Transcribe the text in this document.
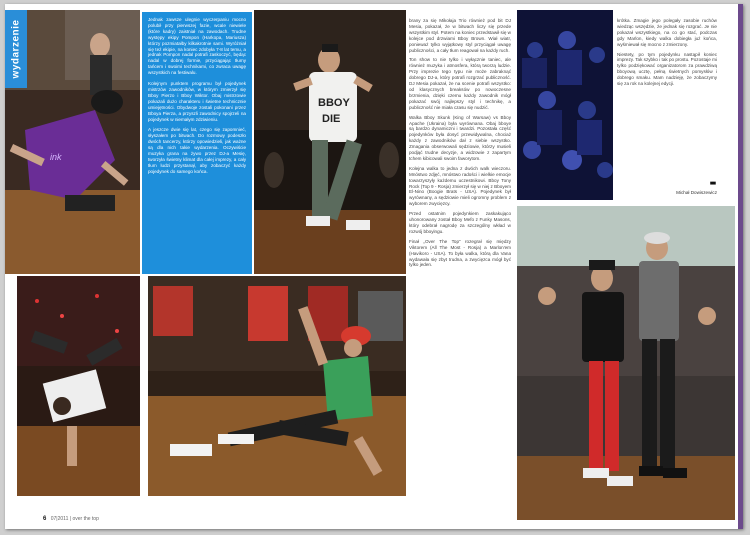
ink
wydarzenie

Jednak zawsze ulegnie wyczerpaniu mocno polubił przy pierwszej fazie, wcale niewiele (które kadry) zaistniał na zawodach. Trudne występy ekipy Pompon (Harkopa, Mariusza) którzy pozmiatałby kilkakrotnie sami. Wyróżniał się też ekipie, na koniec zdobyła 7-8 lat temu, a jednak Pompon nadal potrafi zaskoczyć, będąc nadal w dobrej formie, przyciągając tłumy tańcem i swoimi technikami, co zwraca uwagę wszystkich na festiwalu.

Kolejnym punktem programu był pojedynek mistrzów zawodników, w którym zmierzył się Bboy Pierzo i Bboy Wiktor. Obaj mistrzowie pokazali dużo charakteru i świetne technicznie umiejętności. Obydwoje zostali pokonani przez Bboya Pierza, a przyszli zawodnicy spojrzeli na pojedynek w niemałym zdziwieniu.

A jeszcze dwie się lat, czego się zapomnieć, słyszałem po bitwach. Do rozmowy podeszło dwóch tancerzy, którzy opowiedzieli, jak ważne są dla nich takie wydarzenia. Oczywiście muzyka grana na żywo przez DJ-a Mesię, tworzyła świetny klimat dla całej imprezy, a cały tłum ludzi przystanął, aby zobaczyć każdy pojedynek do samego końca.

BBOY
DIE

brany za się Mikołaja Trio również pod bit DJ Mesia, pokazał, że w bitwach liczy się przede wszystkim styl. Potem na koniec przedstawił się w kolejce pod drzwiami Bboy Brown. Wiał wiatr, ponieważ tylko wyjątkowy styl przyciągał uwagę publiczności, a cały tłum reagował na każdy ruch.

Ton show to nie tylko i wyłącznie taniec, ale również muzyka i atmosfera, którą tworzą ludzie. Przy imprezie tego typu nie może zabraknąć dobrego DJ-a, który potrafi rozgrzać publiczność. DJ Mesia pokazał, że na scenie potrafi wszystko: od klasycznych breaksów po nowoczesne brzmienia, dzięki czemu każdy zawodnik mógł pokazać swój najlepszy styl i technikę, a publiczność nie miała czasu się nudzić.

Walka Bboy Skunk (King of Warsaw) vs Bboy Apache (Ukraina) była wyrównana. Obaj bboye są bardzo dynamiczni i twardzi. Pozostała część pojedynków była dosyć przewidywalna, chociaż każdy z zawodników dał z siebie wszystko. Zmagania obserwowali sędziowie, którzy musieli podjąć trudne decyzje, a widzowie z zapartym tchem kibicowali swoim faworytom.

Kolejna walka to jedna z dwóch walk wieczoru. Mnóstwo zdjęć, mnóstwo radości i wielkie emocje towarzyszyły każdemu uczestnikowi. Bboy Tony Rock (Top 9 - Rosja) zmierzył się w niej z Bboyem El-Nino (Boogie Brats - USA). Pojedynek był wyrównany, a sędziowie mieli ogromny problem z wyborem zwycięzcy.

Przed ostatnim pojedynkiem zaskakująco uhonorowany został Bboy Mefo z Funky Masons, który odebrał nagrodę za szczególny wkład w rozwój bboyingu.

Finał „Over The Top” rozegrał się między Viktorem (All The Most - Rosja) a Marlon'em (Havikoro - USA). To była walka, którą dla Vana wydawała się zbyt trudna, a zwycięzca mógł być tylko jeden.

krótka. Zmagie jego polegały zasobie ruchów wiedząc wszędzie, że jednak się rozgrać. Je nie pokazał wszystkiego, na co go stać, podczas gdy Marlon, kiedy walka dobiegła już końca, wyśmiewał się mocno z zmierzony.

Niestety, po tym pojedynku nastąpił koniec imprezy. Tak szybko i tak po prostu. Pozostaje mi tylko podziękować organizatorom za prawdziwą bboyową ucztę, pełną świetnych pomysłów i dobrego smaku. Mam nadzieję, że zobaczymy się za rok na kolejnej edycji.

■■
Michał Dowiszewicz
6 07|2011 | over the top
